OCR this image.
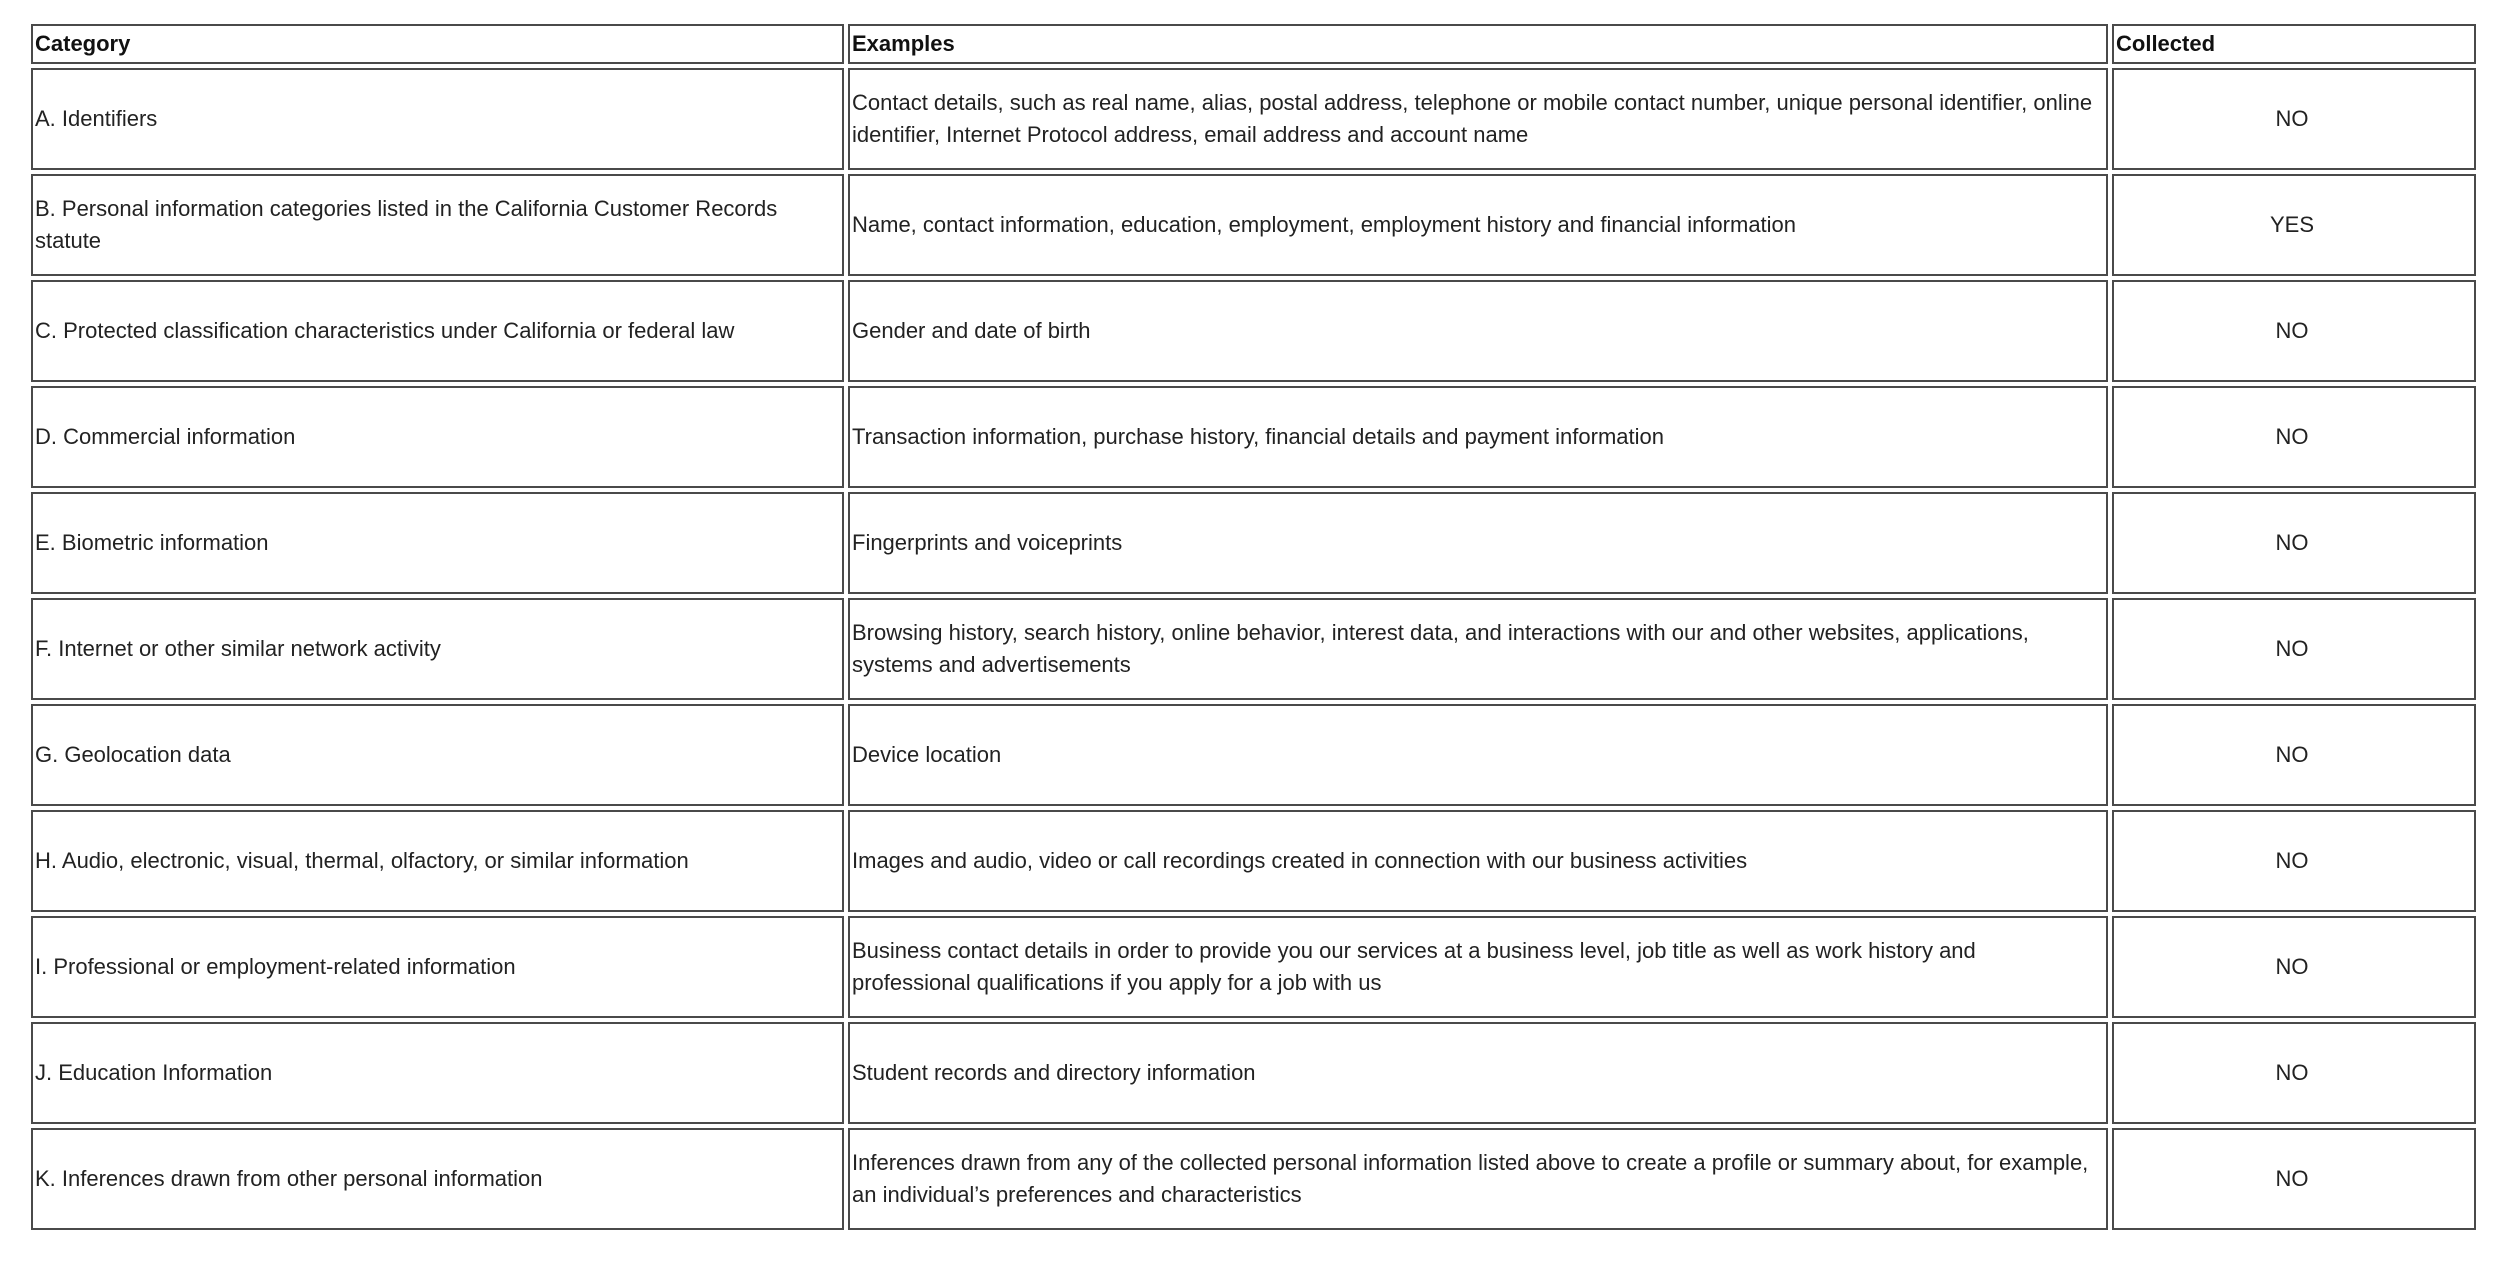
Category	Examples	Collected
A. Identifiers	Contact details, such as real name, alias, postal address, telephone or mobile contact number, unique personal identifier, online identifier, Internet Protocol address, email address and account name	NO
B. Personal information categories listed in the California Customer Records statute	Name, contact information, education, employment, employment history and financial information	YES
C. Protected classification characteristics under California or federal law	Gender and date of birth	NO
D. Commercial information	Transaction information, purchase history, financial details and payment information	NO
E. Biometric information	Fingerprints and voiceprints	NO
F. Internet or other similar network activity	Browsing history, search history, online behavior, interest data, and interactions with our and other websites, applications, systems and advertisements	NO
G. Geolocation data	Device location	NO
H. Audio, electronic, visual, thermal, olfactory, or similar information	Images and audio, video or call recordings created in connection with our business activities	NO
I. Professional or employment-related information	Business contact details in order to provide you our services at a business level, job title as well as work history and professional qualifications if you apply for a job with us	NO
J. Education Information	Student records and directory information	NO
K. Inferences drawn from other personal information	Inferences drawn from any of the collected personal information listed above to create a profile or summary about, for example, an individual’s preferences and characteristics	NO
